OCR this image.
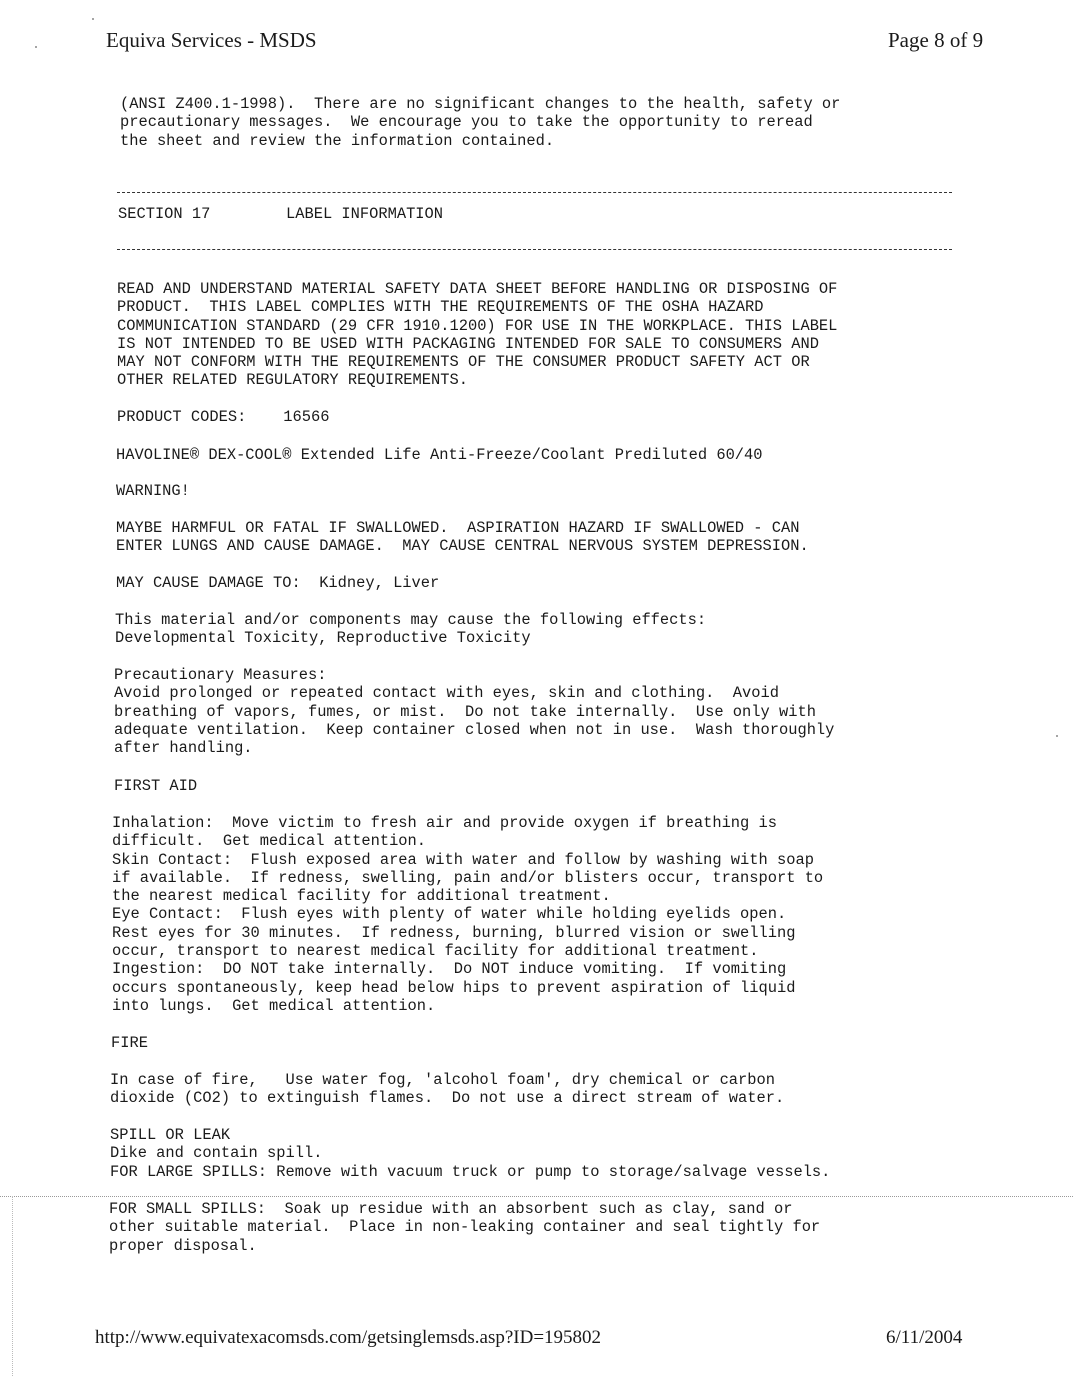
Equiva Services - MSDS	Page 8 of 9
(ANSI Z400.1-1998).  There are no significant changes to the health, safety or
precautionary messages.  We encourage you to take the opportunity to reread
the sheet and review the information contained.
SECTION 17	LABEL INFORMATION
READ AND UNDERSTAND MATERIAL SAFETY DATA SHEET BEFORE HANDLING OR DISPOSING OF
PRODUCT.  THIS LABEL COMPLIES WITH THE REQUIREMENTS OF THE OSHA HAZARD
COMMUNICATION STANDARD (29 CFR 1910.1200) FOR USE IN THE WORKPLACE. THIS LABEL
IS NOT INTENDED TO BE USED WITH PACKAGING INTENDED FOR SALE TO CONSUMERS AND
MAY NOT CONFORM WITH THE REQUIREMENTS OF THE CONSUMER PRODUCT SAFETY ACT OR
OTHER RELATED REGULATORY REQUIREMENTS.
PRODUCT CODES:    16566
HAVOLINE® DEX-COOL® Extended Life Anti-Freeze/Coolant Prediluted 60/40
WARNING!
MAYBE HARMFUL OR FATAL IF SWALLOWED.  ASPIRATION HAZARD IF SWALLOWED - CAN
ENTER LUNGS AND CAUSE DAMAGE.  MAY CAUSE CENTRAL NERVOUS SYSTEM DEPRESSION.
MAY CAUSE DAMAGE TO:  Kidney, Liver
This material and/or components may cause the following effects:
Developmental Toxicity, Reproductive Toxicity
Precautionary Measures:
Avoid prolonged or repeated contact with eyes, skin and clothing.  Avoid
breathing of vapors, fumes, or mist.  Do not take internally.  Use only with
adequate ventilation.  Keep container closed when not in use.  Wash thoroughly
after handling.
FIRST AID
Inhalation:  Move victim to fresh air and provide oxygen if breathing is
difficult.  Get medical attention.
Skin Contact:  Flush exposed area with water and follow by washing with soap
if available.  If redness, swelling, pain and/or blisters occur, transport to
the nearest medical facility for additional treatment.
Eye Contact:  Flush eyes with plenty of water while holding eyelids open.
Rest eyes for 30 minutes.  If redness, burning, blurred vision or swelling
occur, transport to nearest medical facility for additional treatment.
Ingestion:  DO NOT take internally.  Do NOT induce vomiting.  If vomiting
occurs spontaneously, keep head below hips to prevent aspiration of liquid
into lungs.  Get medical attention.
FIRE
In case of fire,   Use water fog, 'alcohol foam', dry chemical or carbon
dioxide (CO2) to extinguish flames.  Do not use a direct stream of water.
SPILL OR LEAK
Dike and contain spill.
FOR LARGE SPILLS: Remove with vacuum truck or pump to storage/salvage vessels.
FOR SMALL SPILLS:  Soak up residue with an absorbent such as clay, sand or
other suitable material.  Place in non-leaking container and seal tightly for
proper disposal.
http://www.equivatexacomsds.com/getsinglemsds.asp?ID=195802	6/11/2004
